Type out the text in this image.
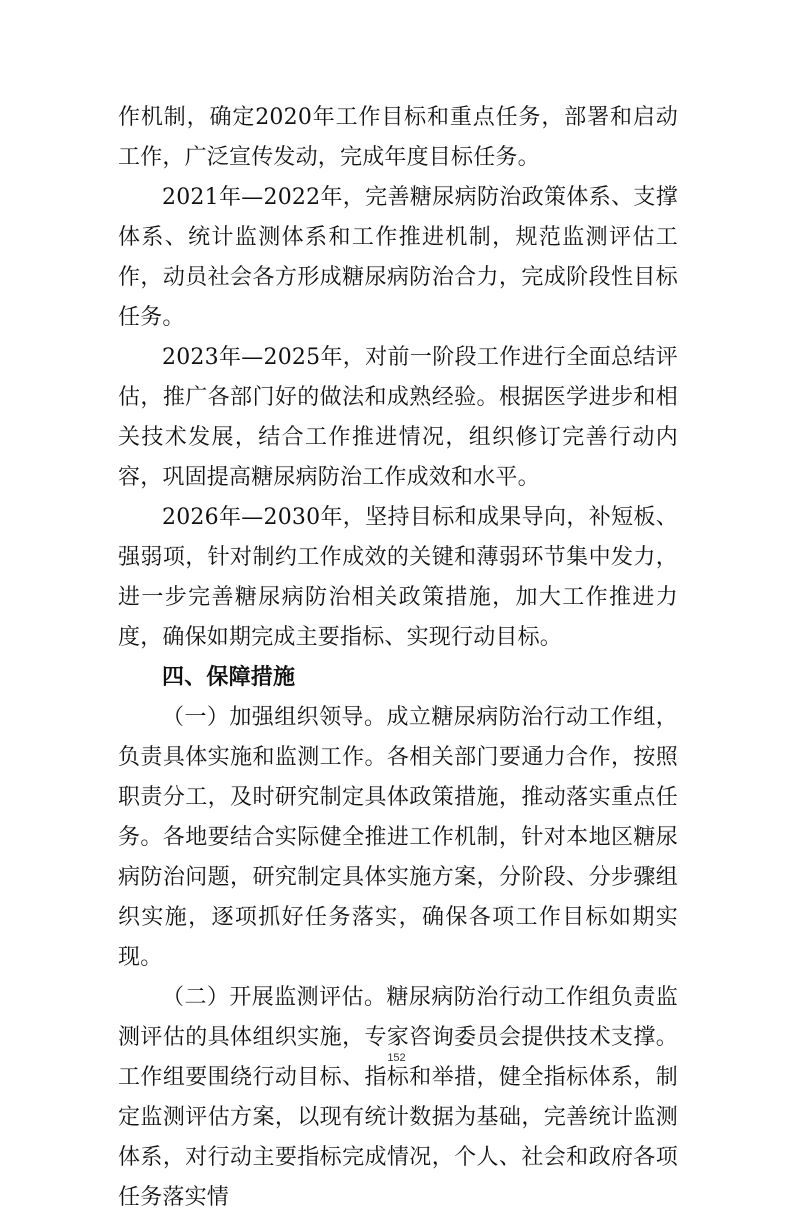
作机制，确定2020年工作目标和重点任务，部署和启动工作，广泛宣传发动，完成年度目标任务。

2021年—2022年，完善糖尿病防治政策体系、支撑体系、统计监测体系和工作推进机制，规范监测评估工作，动员社会各方形成糖尿病防治合力，完成阶段性目标任务。

2023年—2025年，对前一阶段工作进行全面总结评估，推广各部门好的做法和成熟经验。根据医学进步和相关技术发展，结合工作推进情况，组织修订完善行动内容，巩固提高糖尿病防治工作成效和水平。

2026年—2030年，坚持目标和成果导向，补短板、强弱项，针对制约工作成效的关键和薄弱环节集中发力，进一步完善糖尿病防治相关政策措施，加大工作推进力度，确保如期完成主要指标、实现行动目标。

四、保障措施

（一）加强组织领导。成立糖尿病防治行动工作组，负责具体实施和监测工作。各相关部门要通力合作，按照职责分工，及时研究制定具体政策措施，推动落实重点任务。各地要结合实际健全推进工作机制，针对本地区糖尿病防治问题，研究制定具体实施方案，分阶段、分步骤组织实施，逐项抓好任务落实，确保各项工作目标如期实现。

（二）开展监测评估。糖尿病防治行动工作组负责监测评估的具体组织实施，专家咨询委员会提供技术支撑。工作组要围绕行动目标、指标和举措，健全指标体系，制定监测评估方案，以现有统计数据为基础，完善统计监测体系，对行动主要指标完成情况，个人、社会和政府各项任务落实情

152
